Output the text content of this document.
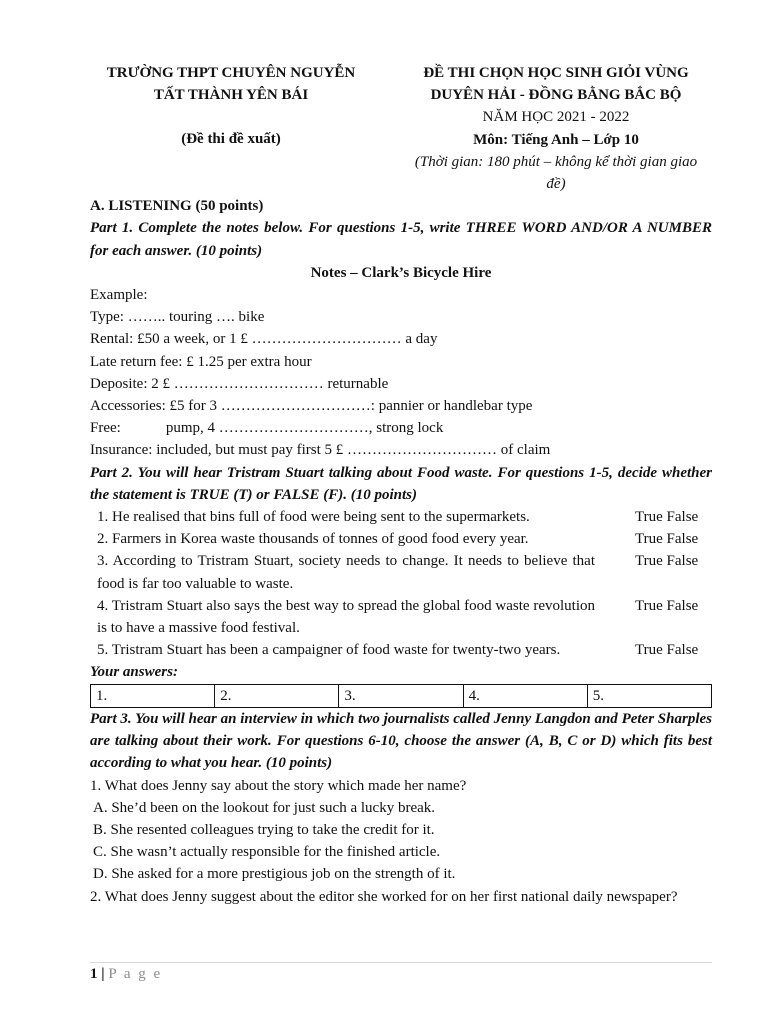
TRƯỜNG THPT CHUYÊN NGUYỄN
TẤT THÀNH YÊN BÁI
(Đề thi đề xuất)
ĐỀ THI CHỌN HỌC SINH GIỎI VÙNG
DUYÊN HẢI - ĐỒNG BẰNG BẮC BỘ
NĂM HỌC 2021 - 2022
Môn: Tiếng Anh – Lớp 10
(Thời gian: 180 phút – không kể thời gian giao
đề)
A. LISTENING (50 points)
Part 1. Complete the notes below. For questions 1-5, write THREE WORD AND/OR A NUMBER for each answer. (10 points)
Notes – Clark’s Bicycle Hire
Example:
Type: …….. touring …. bike
Rental: £50 a week, or 1 £ ………………………… a day
Late return fee: £ 1.25 per extra hour
Deposite: 2 £ ………………………… returnable
Accessories: £5 for 3 …………………………: pannier or handlebar type
Free:            pump, 4 …………………………, strong lock
Insurance: included, but must pay first 5 £ ………………………… of claim
Part 2. You will hear Tristram Stuart talking about Food waste. For questions 1-5, decide whether the statement is TRUE (T) or FALSE (F). (10 points)
1. He realised that bins full of food were being sent to the supermarkets.	True False
2. Farmers in Korea waste thousands of tonnes of good food every year.	True False
3. According to Tristram Stuart, society needs to change. It needs to believe that food is far too valuable to waste.
True False
4. Tristram Stuart also says the best way to spread the global food waste revolution is to have a massive food festival.
True False
5. Tristram Stuart has been a campaigner of food waste for twenty-two years.	True False
Your answers:
1.	2.	3.	4.	5.
Part 3. You will hear an interview in which two journalists called Jenny Langdon and Peter Sharples are talking about their work. For questions 6-10, choose the answer (A, B, C or D) which fits best according to what you hear. (10 points)
1. What does Jenny say about the story which made her name?
A. She’d been on the lookout for just such a lucky break.
B. She resented colleagues trying to take the credit for it.
C. She wasn’t actually responsible for the finished article.
D. She asked for a more prestigious job on the strength of it.
2. What does Jenny suggest about the editor she worked for on her first national daily newspaper?
1 | P a g e
